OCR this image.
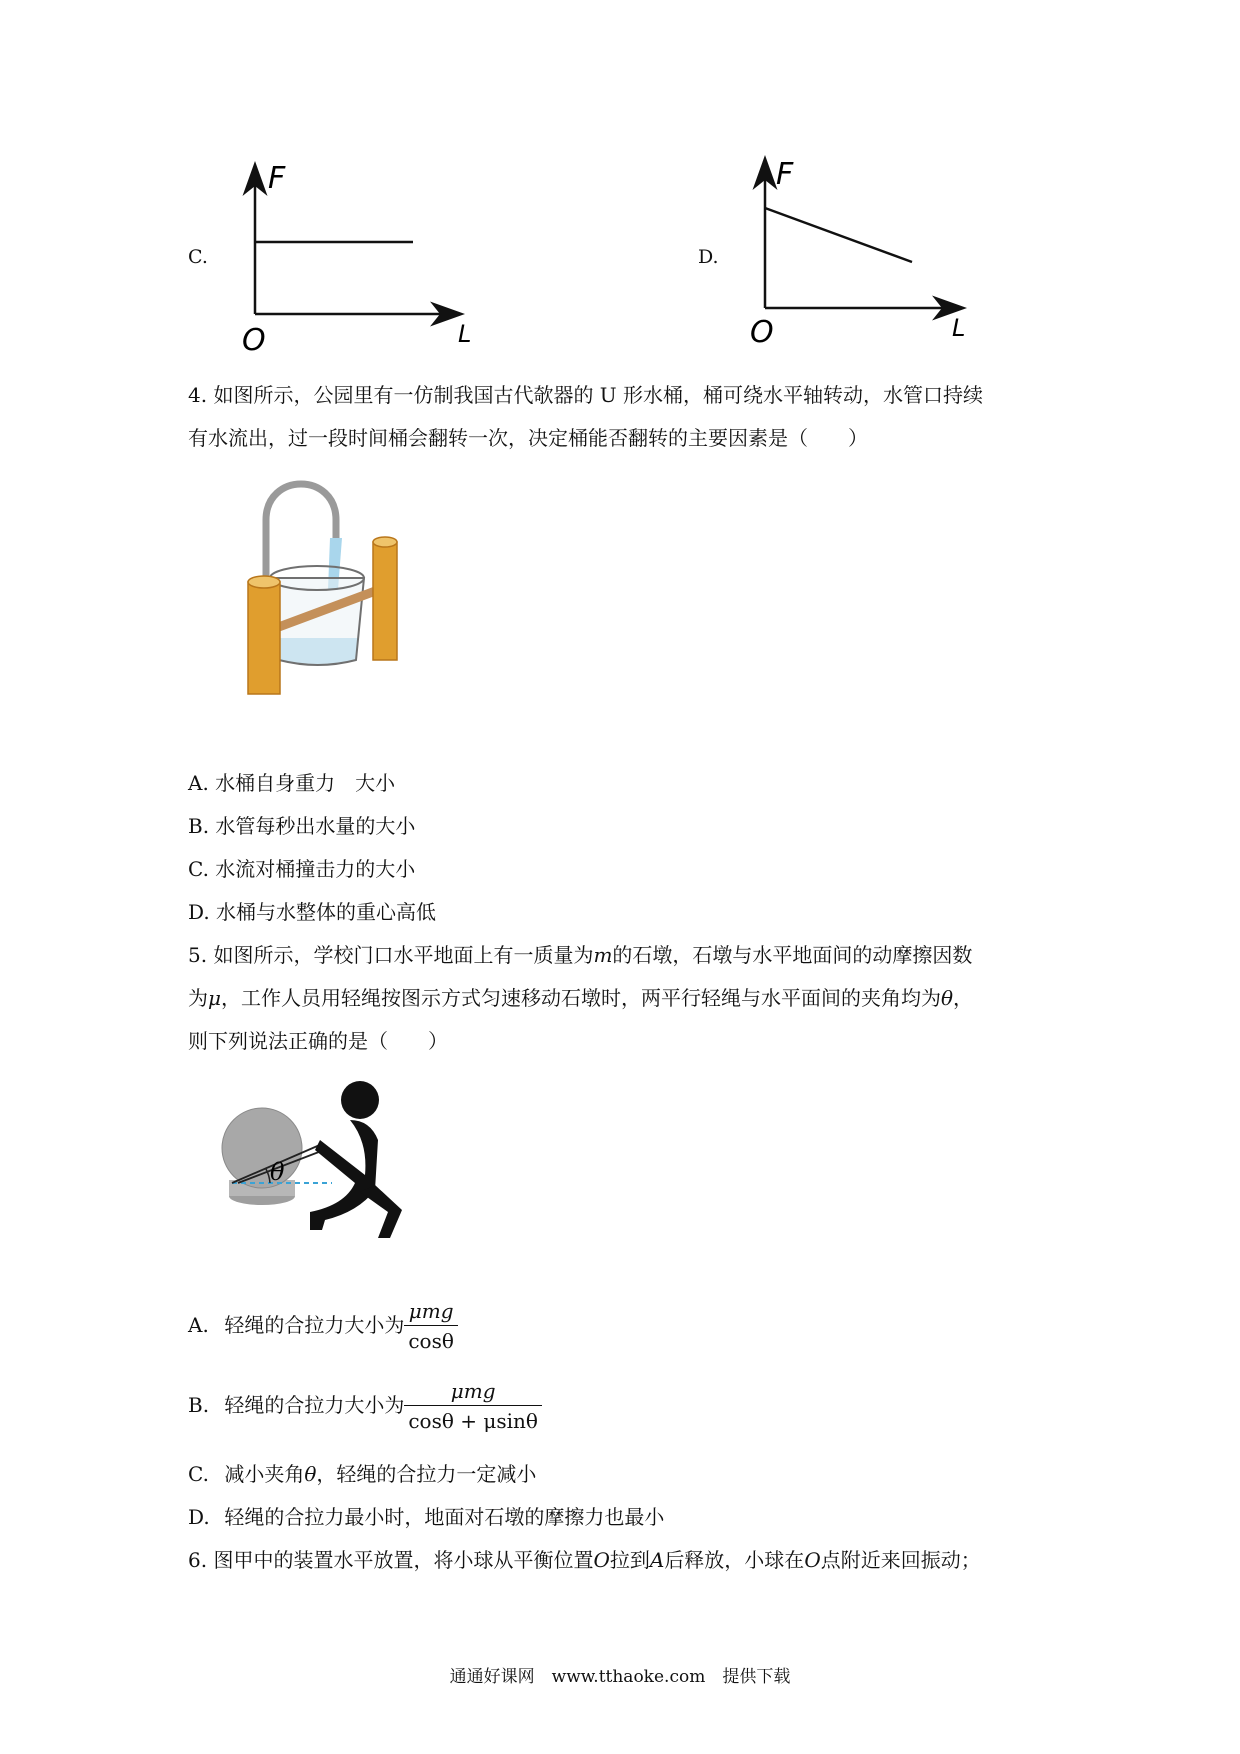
C.
F
O	L
D.
F
O	L
4. 如图所示，公园里有一仿制我国古代欹器的 U 形水桶，桶可绕水平轴转动，水管口持续
有水流出，过一段时间桶会翻转一次，决定桶能否翻转的主要因素是（　　）
A. 水桶自身重力　大小
B. 水管每秒出水量的大小
C. 水流对桶撞击力的大小
D. 水桶与水整体的重心高低
5. 如图所示，学校门口水平地面上有一质量为m的石墩，石墩与水平地面间的动摩擦因数
为μ，工作人员用轻绳按图示方式匀速移动石墩时，两平行轻绳与水平面间的夹角均为θ，
则下列说法正确的是（　　）
θ
A. 轻绳的合拉力大小为 $\frac{\text{μmg}}{\cos\theta}$
B. 轻绳的合拉力大小为 $\frac{\text{μmg}}{\cos\theta + \mu\sin\theta}$
C. 减小夹角θ，轻绳的合拉力一定减小
D. 轻绳的合拉力最小时，地面对石墩的摩擦力也最小
6. 图甲中的装置水平放置，将小球从平衡位置O拉到A后释放，小球在O点附近来回振动；
通通好课网　www.tthaoke.com　提供下载
